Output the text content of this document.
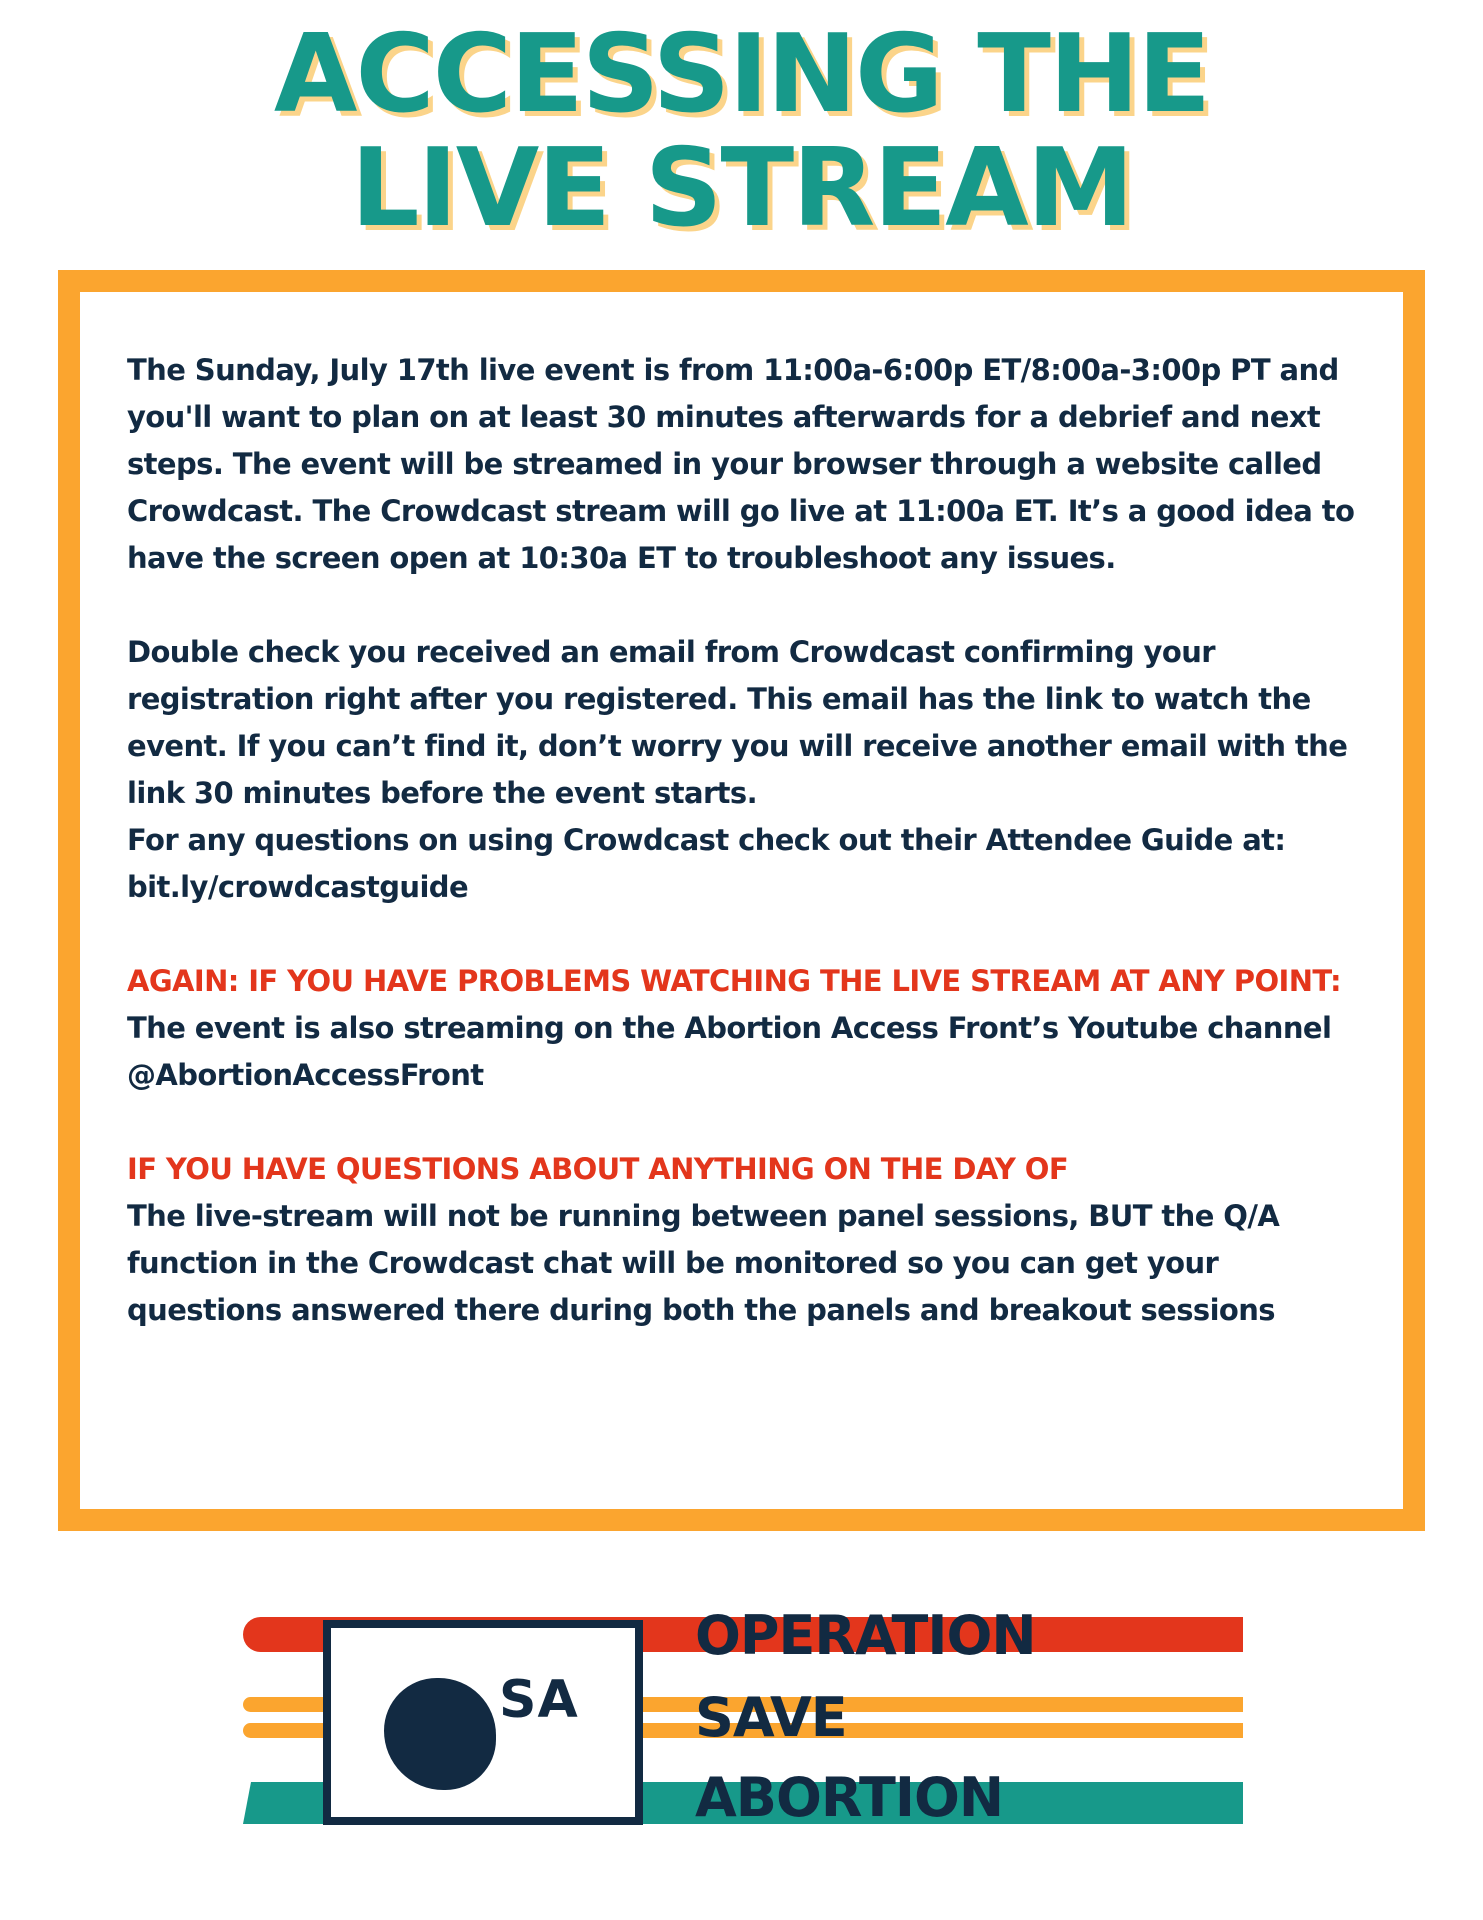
ACCESSING THE
LIVE STREAM

The Sunday, July 17th live event is from 11:00a-6:00p ET/8:00a-3:00p PT and you'll want to plan on at least 30 minutes afterwards for a debrief and next steps. The event will be streamed in your browser through a website called Crowdcast. The Crowdcast stream will go live at 11:00a ET. It’s a good idea to have the screen open at 10:30a ET to troubleshoot any issues.

Double check you received an email from Crowdcast confirming your registration right after you registered. This email has the link to watch the event. If you can’t find it, don’t worry you will receive another email with the link 30 minutes before the event starts.

For any questions on using Crowdcast check out their Attendee Guide at: bit.ly/crowdcastguide

AGAIN: IF YOU HAVE PROBLEMS WATCHING THE LIVE STREAM AT ANY POINT:

The event is also streaming on the Abortion Access Front’s Youtube channel

@AbortionAccessFront

IF YOU HAVE QUESTIONS ABOUT ANYTHING ON THE DAY OF

The live-stream will not be running between panel sessions, BUT the Q/A function in the Crowdcast chat will be monitored so you can get your questions answered there during both the panels and breakout sessions

SA
OPERATION
SAVE
ABORTION
